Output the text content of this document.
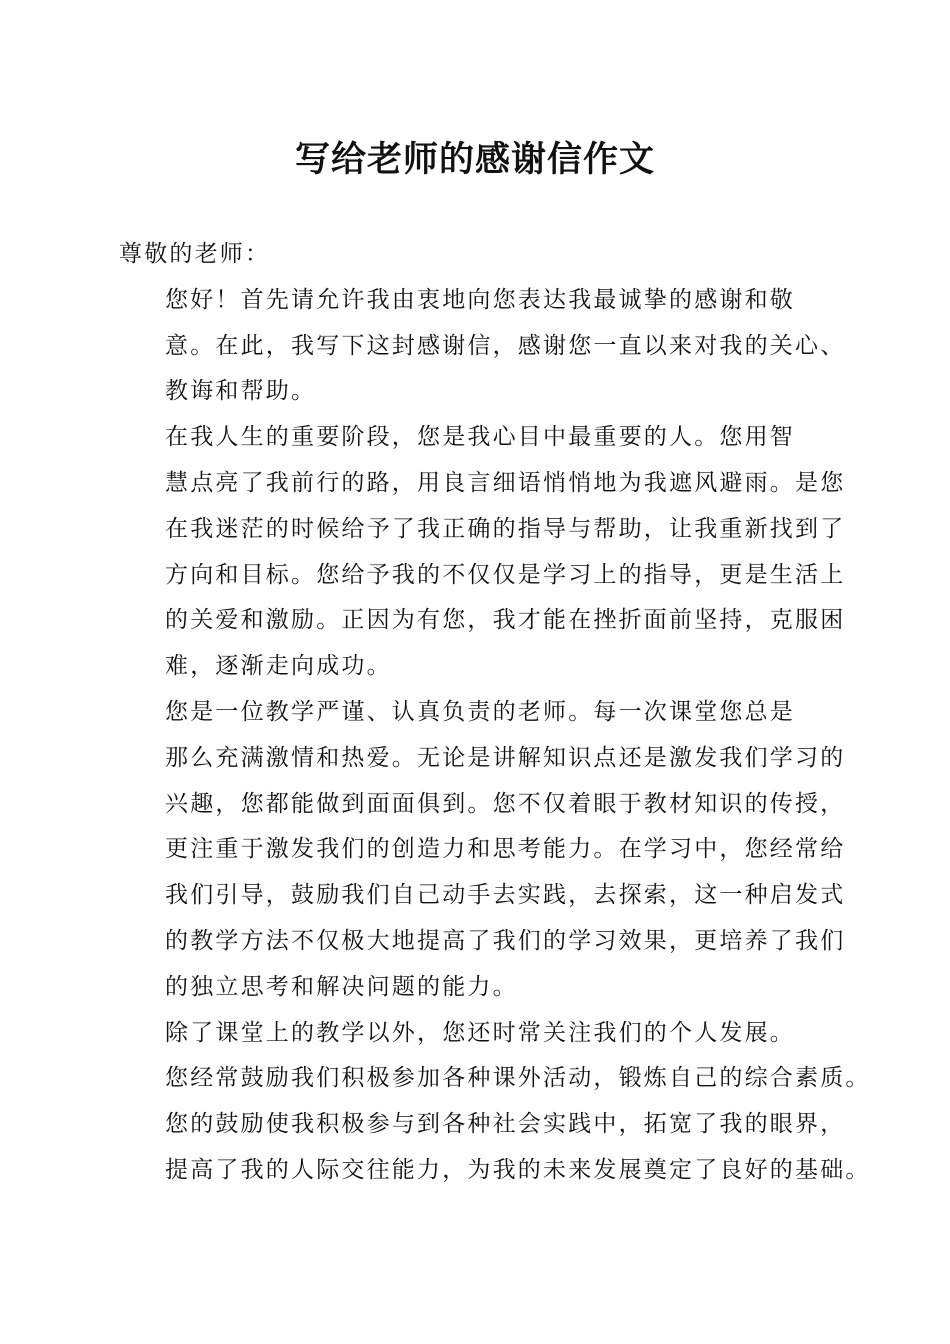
写给老师的感谢信作文

尊敬的老师：

您好！首先请允许我由衷地向您表达我最诚挚的感谢和敬
意。在此，我写下这封感谢信，感谢您一直以来对我的关心、
教诲和帮助。

在我人生的重要阶段，您是我心目中最重要的人。您用智
慧点亮了我前行的路，用良言细语悄悄地为我遮风避雨。是您
在我迷茫的时候给予了我正确的指导与帮助，让我重新找到了
方向和目标。您给予我的不仅仅是学习上的指导，更是生活上
的关爱和激励。正因为有您，我才能在挫折面前坚持，克服困
难，逐渐走向成功。

您是一位教学严谨、认真负责的老师。每一次课堂您总是
那么充满激情和热爱。无论是讲解知识点还是激发我们学习的
兴趣，您都能做到面面俱到。您不仅着眼于教材知识的传授，
更注重于激发我们的创造力和思考能力。在学习中，您经常给
我们引导，鼓励我们自己动手去实践，去探索，这一种启发式
的教学方法不仅极大地提高了我们的学习效果，更培养了我们
的独立思考和解决问题的能力。

除了课堂上的教学以外，您还时常关注我们的个人发展。
您经常鼓励我们积极参加各种课外活动，锻炼自己的综合素质。
您的鼓励使我积极参与到各种社会实践中，拓宽了我的眼界，
提高了我的人际交往能力，为我的未来发展奠定了良好的基础。
